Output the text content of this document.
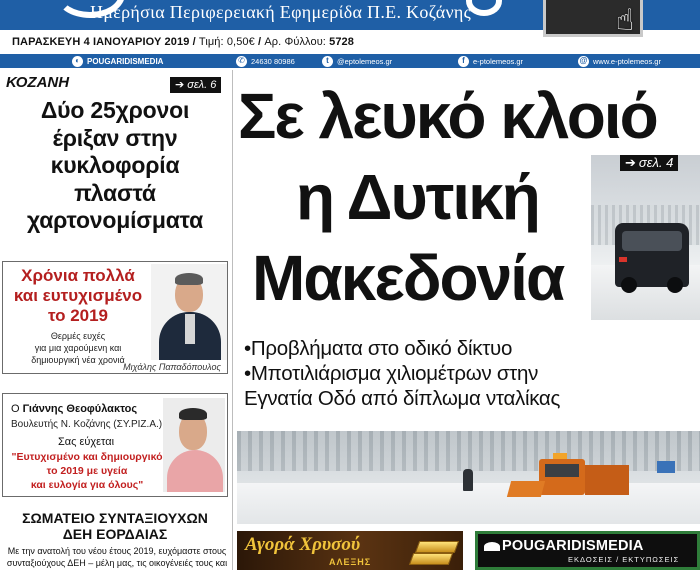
Ημερήσια Περιφερειακή Εφημερίδα Π.Ε. Κοζάνης	☝
ΠΑΡΑΣΚΕΥΗ 4 ΙΑΝΟΥΑΡΙΟΥ 2019 / Τιμή: 0,50€ / Αρ. Φύλλου: 5728
◐ POUGARIDISMEDIA	✆ 24630 80986	t	@eptolemeos.gr	f	e-ptolemeos.gr	@ www.e-ptolemeos.gr
ΚΟΖΑΝΗ	➔ σελ. 6
Δύο 25χρονοι
έριξαν στην
κυκλοφορία
πλαστά
χαρτονομίσματα
Χρόνια πολλά
και ευτυχισμένο
το 2019
Θερμές ευχές
για μια χαρούμενη και
δημιουργική νέα χρονιά
Μιχάλης Παπαδόπουλος
Ο Γιάννης Θεοφύλακτος
Βουλευτής Ν. Κοζάνης (ΣΥ.ΡΙΖ.Α.)
Σας εύχεται
"Ευτυχισμένο και δημιουργικό
το 2019 με υγεία
και ευλογία για όλους"
ΣΩΜΑΤΕΙΟ ΣΥΝΤΑΞΙΟΥΧΩΝ
ΔΕΗ ΕΟΡΔΑΙΑΣ
Με την ανατολή του νέου έτους 2019, ευχόμαστε στους
συνταξιούχους ΔΕΗ – μέλη μας, τις οικογένειές τους και
Σε λευκό κλοιό
η Δυτική
Μακεδονία
➔ σελ. 4
•Προβλήματα στο οδικό δίκτυο
•Μποτιλιάρισμα χιλιομέτρων στην
Εγνατία Οδό από δίπλωμα νταλίκας
Αγορά Χρυσού
ΑΛΕΞΗΣ
POUGARIDISMEDIA
ΕΚΔΟΣΕΙΣ / ΕΚΤΥΠΩΣΕΙΣ
